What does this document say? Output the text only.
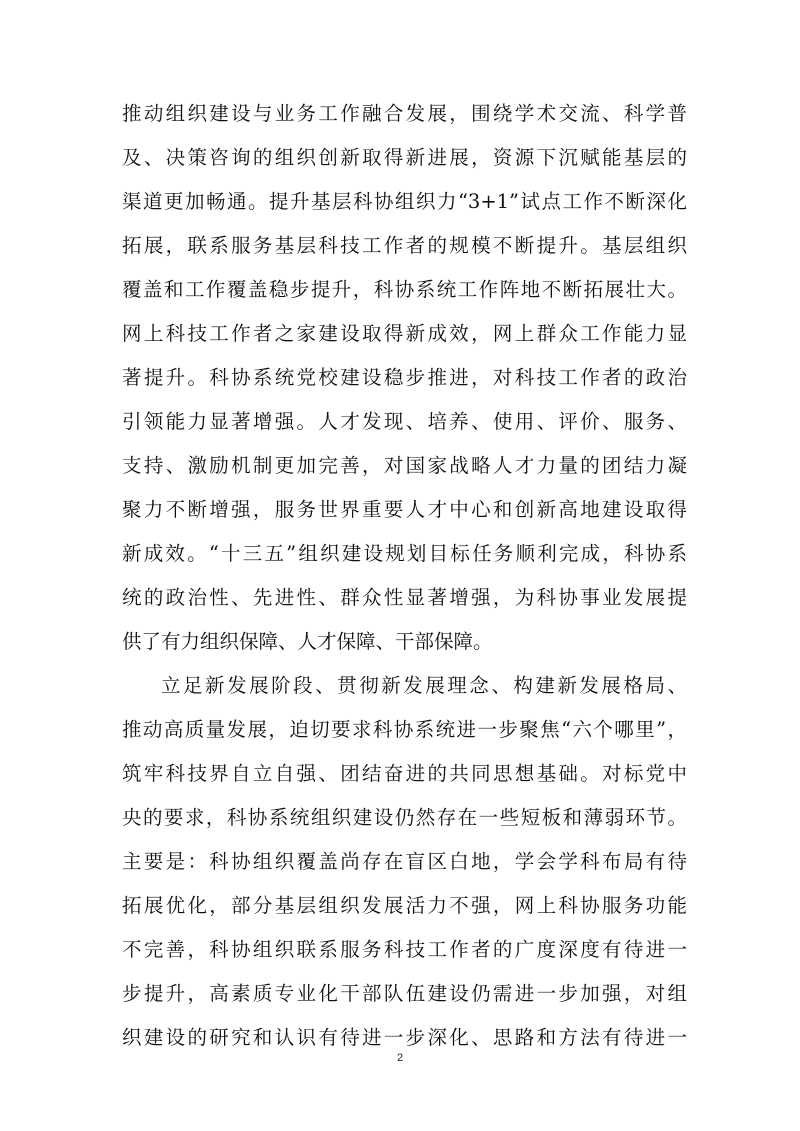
推动组织建设与业务工作融合发展，围绕学术交流、科学普
及、决策咨询的组织创新取得新进展，资源下沉赋能基层的
渠道更加畅通。提升基层科协组织力“3+1”试点工作不断深化
拓展，联系服务基层科技工作者的规模不断提升。基层组织
覆盖和工作覆盖稳步提升，科协系统工作阵地不断拓展壮大。
网上科技工作者之家建设取得新成效，网上群众工作能力显
著提升。科协系统党校建设稳步推进，对科技工作者的政治
引领能力显著增强。人才发现、培养、使用、评价、服务、
支持、激励机制更加完善，对国家战略人才力量的团结力凝
聚力不断增强，服务世界重要人才中心和创新高地建设取得
新成效。“十三五”组织建设规划目标任务顺利完成，科协系
统的政治性、先进性、群众性显著增强，为科协事业发展提
供了有力组织保障、人才保障、干部保障。
立足新发展阶段、贯彻新发展理念、构建新发展格局、
推动高质量发展，迫切要求科协系统进一步聚焦“六个哪里”，
筑牢科技界自立自强、团结奋进的共同思想基础。对标党中
央的要求，科协系统组织建设仍然存在一些短板和薄弱环节。
主要是：科协组织覆盖尚存在盲区白地，学会学科布局有待
拓展优化，部分基层组织发展活力不强，网上科协服务功能
不完善，科协组织联系服务科技工作者的广度深度有待进一
步提升，高素质专业化干部队伍建设仍需进一步加强，对组
织建设的研究和认识有待进一步深化、思路和方法有待进一
2
